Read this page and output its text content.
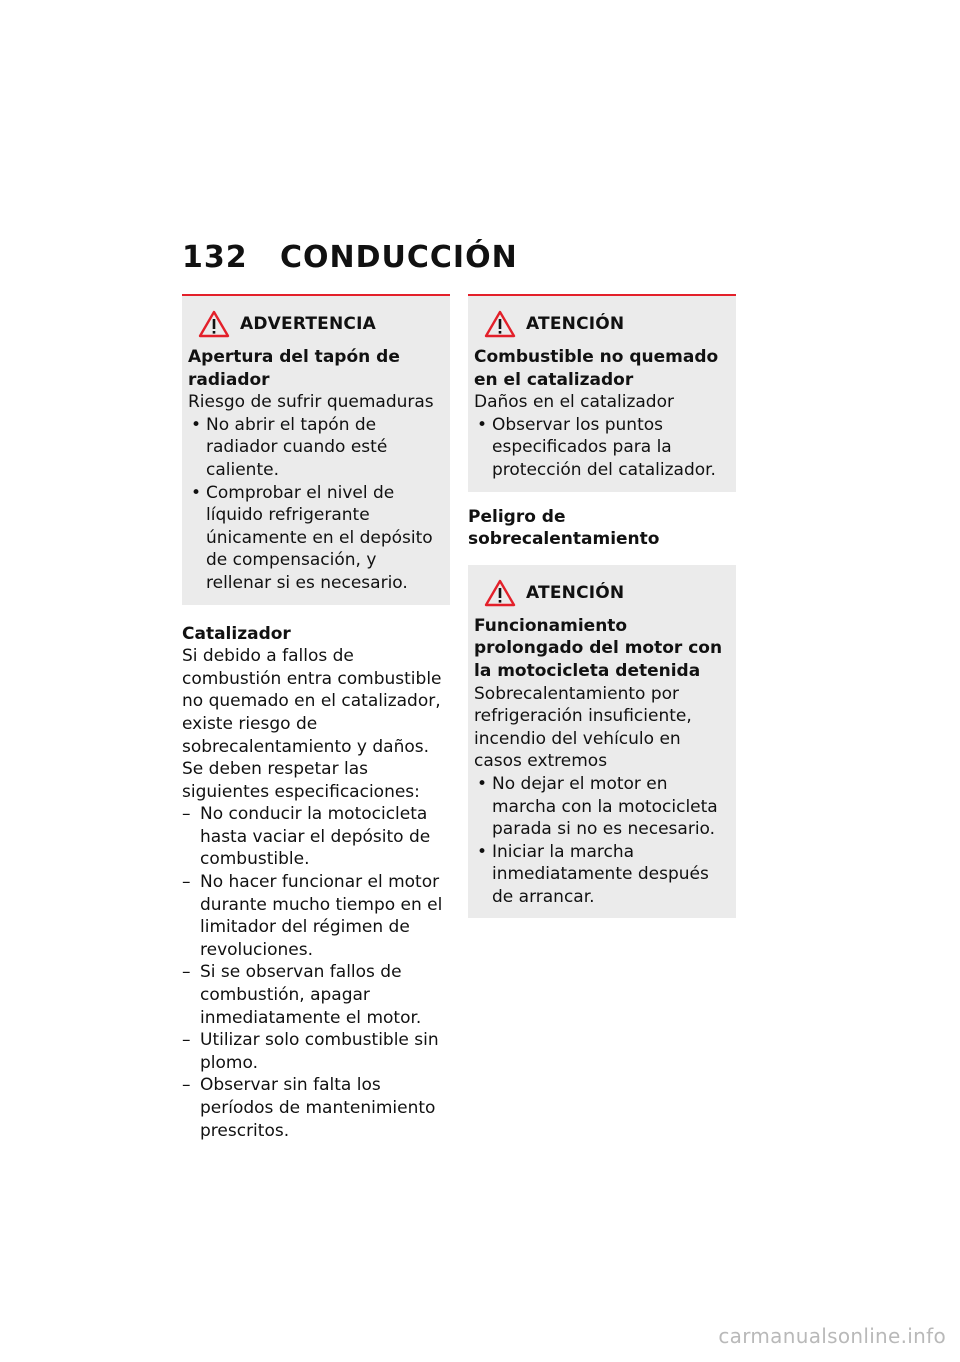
132	CONDUCCIÓN
ADVERTENCIA
Apertura del tapón de radiador
Riesgo de sufrir quemaduras
• No abrir el tapón de radiador cuando esté caliente.
• Comprobar el nivel de líquido refrigerante únicamente en el depósito de compensación, y rellenar si es necesario.
Catalizador
Si debido a fallos de combustión entra combustible no quemado en el catalizador, existe riesgo de sobrecalentamiento y daños.
Se deben respetar las siguientes especificaciones:
– No conducir la motocicleta hasta vaciar el depósito de combustible.
– No hacer funcionar el motor durante mucho tiempo en el limitador del régimen de revoluciones.
– Si se observan fallos de combustión, apagar inmediatamente el motor.
– Utilizar solo combustible sin plomo.
– Observar sin falta los períodos de mantenimiento prescritos.
ATENCIÓN
Combustible no quemado en el catalizador
Daños en el catalizador
• Observar los puntos especificados para la protección del catalizador.
Peligro de sobrecalentamiento
ATENCIÓN
Funcionamiento prolongado del motor con la motocicleta detenida
Sobrecalentamiento por refrigeración insuficiente, incendio del vehículo en casos extremos
• No dejar el motor en marcha con la motocicleta parada si no es necesario.
• Iniciar la marcha inmediatamente después de arrancar.
carmanualsonline.info
